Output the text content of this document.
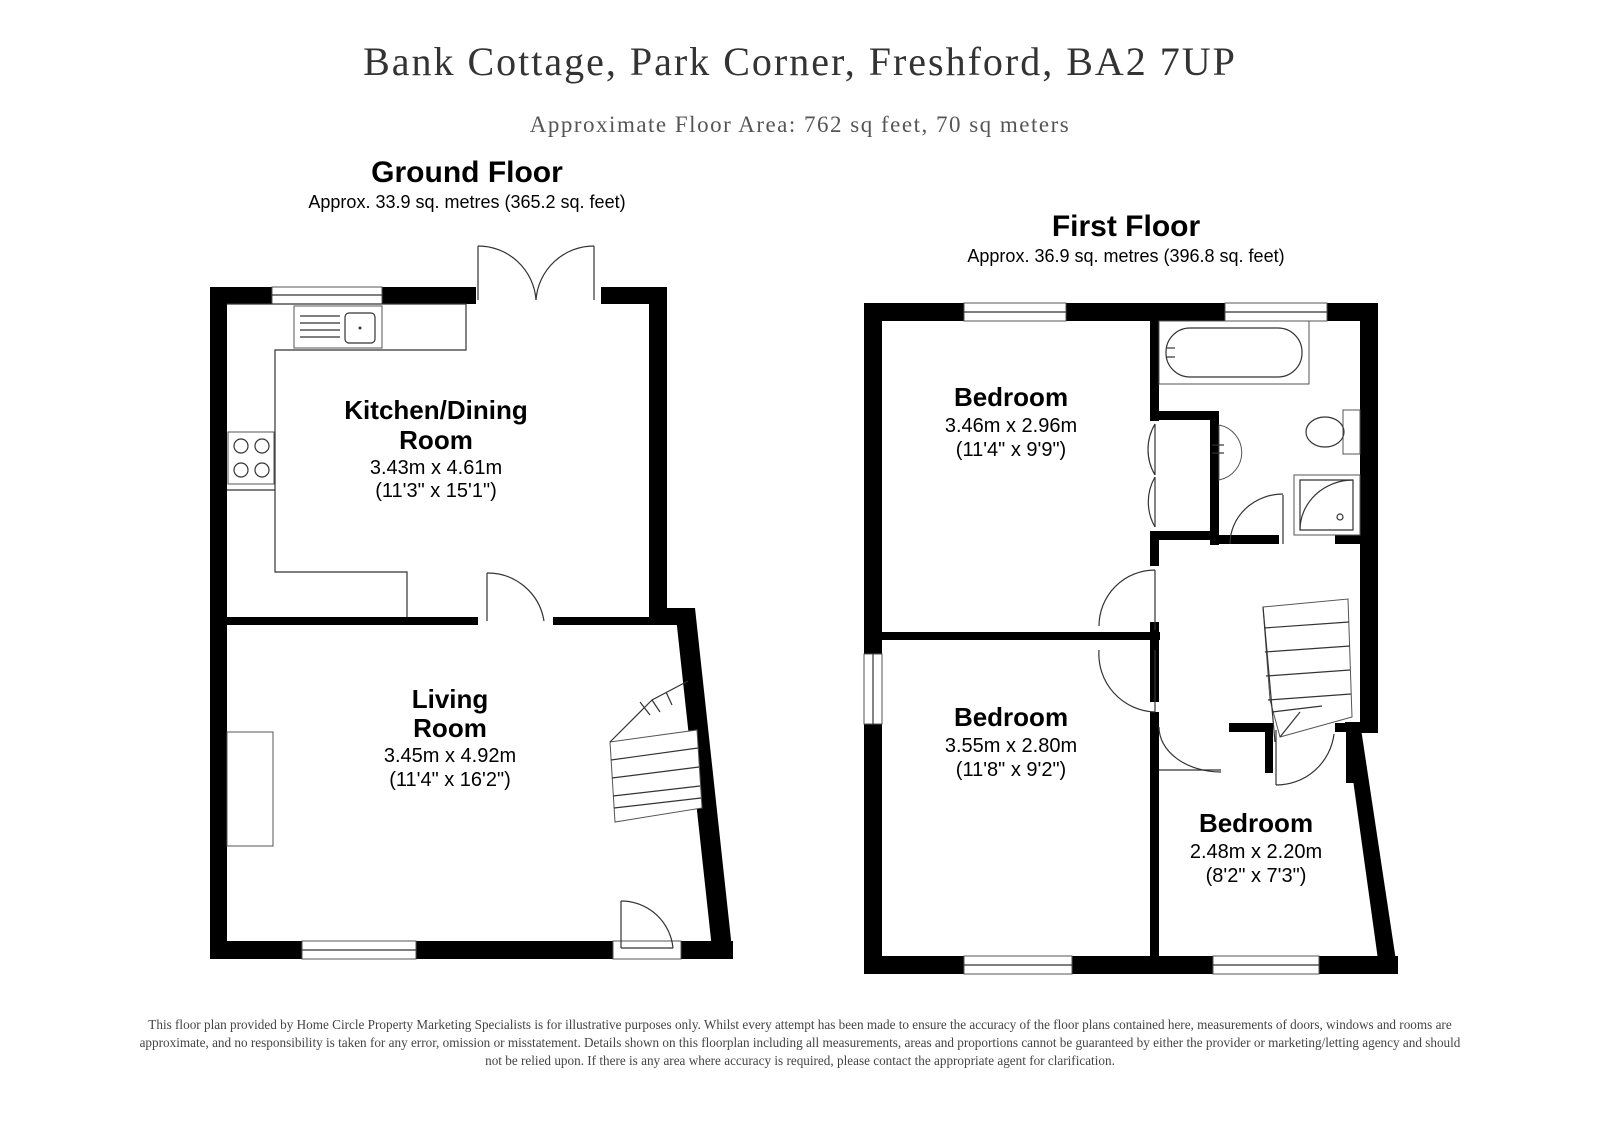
Bank Cottage, Park Corner, Freshford, BA2 7UP
Approximate Floor Area: 762 sq feet, 70 sq meters
Ground Floor
Approx. 33.9 sq. metres (365.2 sq. feet)
Kitchen/Dining
Room
3.43m x 4.61m
(11'3" x 15'1")
Living
Room
3.45m x 4.92m
(11'4" x 16'2")
First Floor
Approx. 36.9 sq. metres (396.8 sq. feet)
Bedroom
3.46m x 2.96m
(11'4" x 9'9")
Bedroom
3.55m x 2.80m
(11'8" x 9'2")
Bedroom
2.48m x 2.20m
(8'2" x 7'3")
This floor plan provided by Home Circle Property Marketing Specialists is for illustrative purposes only. Whilst every attempt has been made to ensure the accuracy of the floor plans contained here, measurements of doors, windows and rooms are approximate, and no responsibility is taken for any error, omission or misstatement. Details shown on this floorplan including all measurements, areas and proportions cannot be guaranteed by either the provider or marketing/letting agency and should not be relied upon. If there is any area where accuracy is required, please contact the appropriate agent for clarification.
